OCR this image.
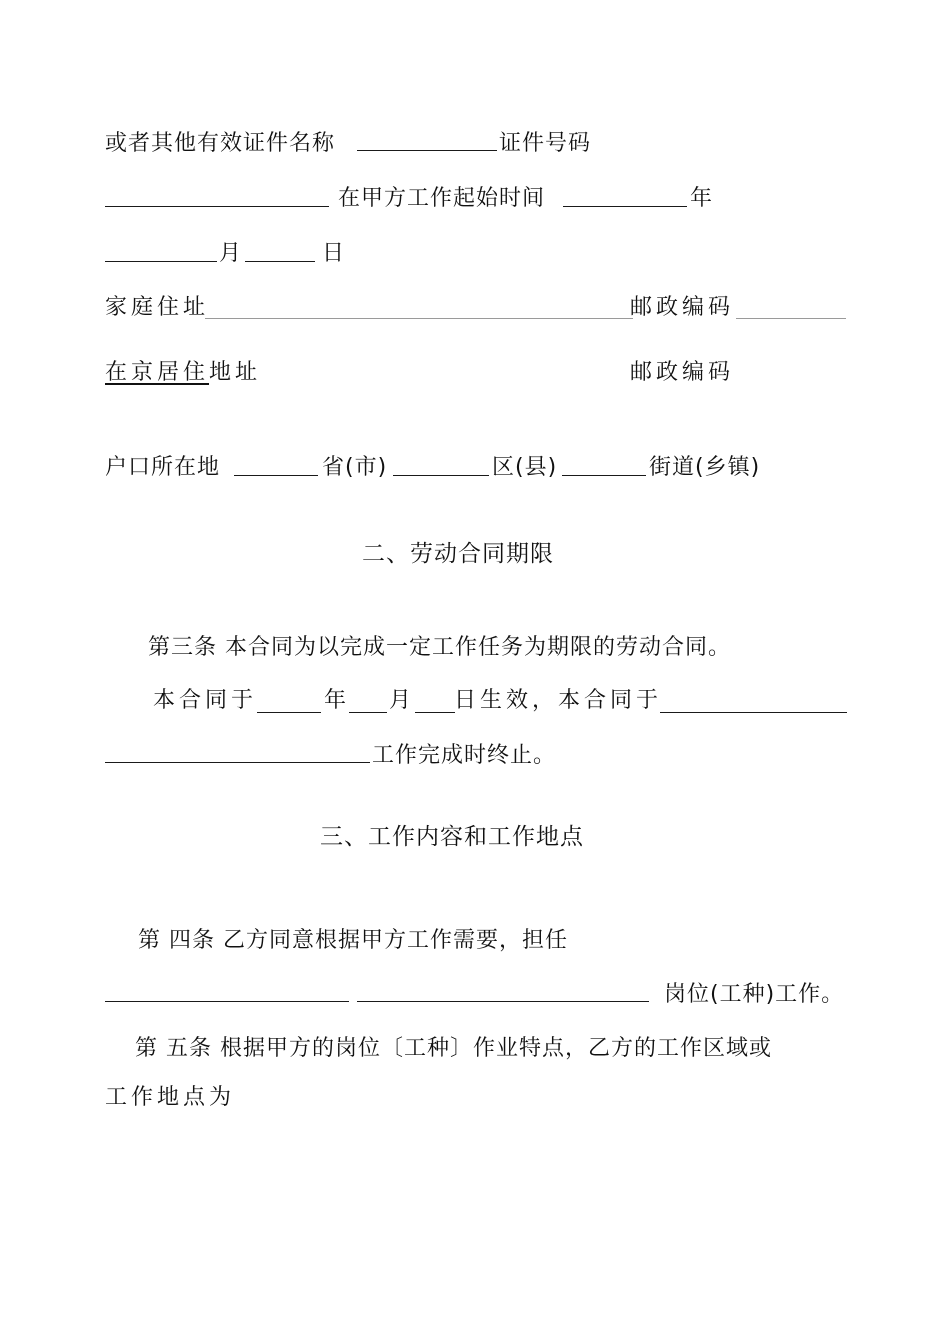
或者其他有效证件名称	证件号码
在甲方工作起始时间	年
月	日
家庭住址	邮政编码
在京居住地址	邮政编码
户口所在地	省(市)	区(县)	街道(乡镇)
二、劳动合同期限
第三条 本合同为以完成一定工作任务为期限的劳动合同。
本合同于	年 月 日生效，本合同于
工作完成时终止。
三、工作内容和工作地点
第 四条 乙方同意根据甲方工作需要，担任
岗位(工种)工作。
第 五条 根据甲方的岗位〔工种〕作业特点，乙方的工作区域或
工作地点为
